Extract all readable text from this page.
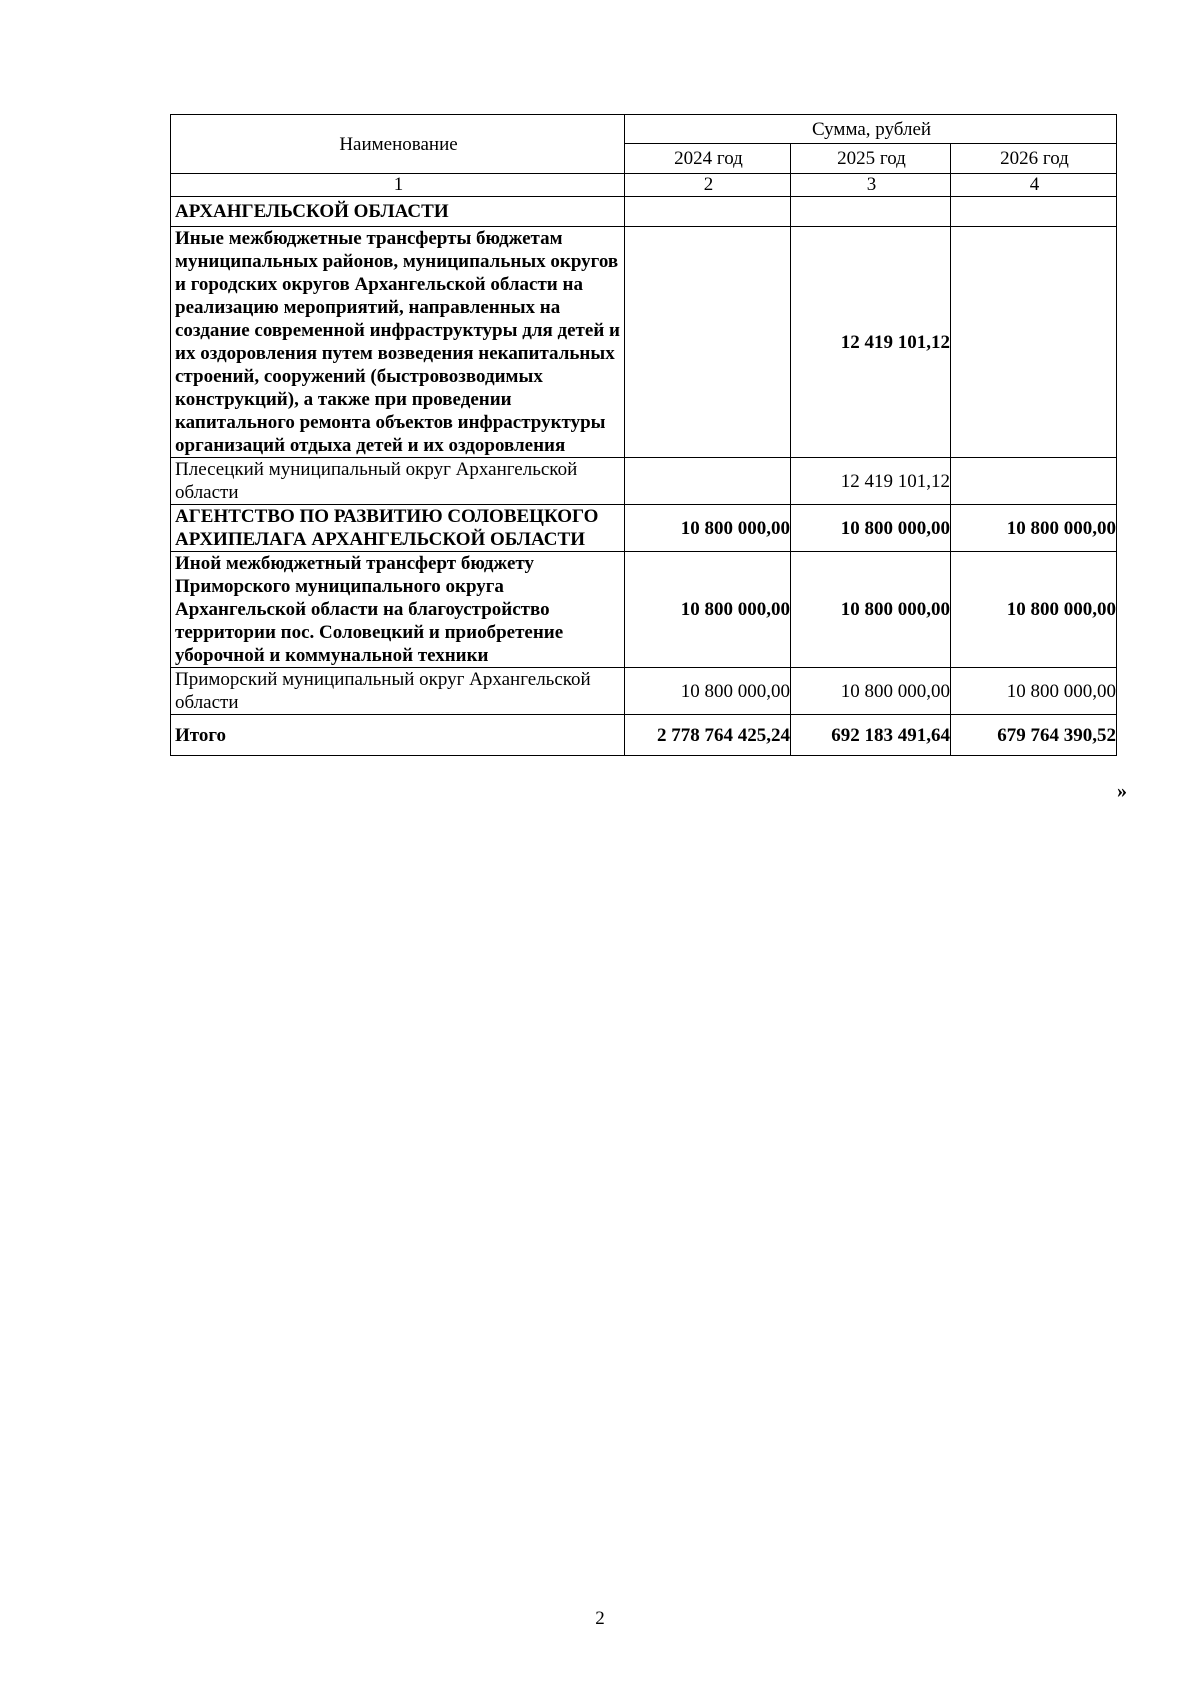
Наименование	Сумма, рублей		
	2024 год	2025 год	2026 год
1	2	3	4
АРХАНГЕЛЬСКОЙ ОБЛАСТИ			
Иные межбюджетные трансферты бюджетам муниципальных районов, муниципальных округов и городских округов Архангельской области на реализацию мероприятий, направленных на создание современной инфраструктуры для детей и их оздоровления путем возведения некапитальных строений, сооружений (быстровозводимых конструкций), а также при проведении капитального ремонта объектов инфраструктуры организаций отдыха детей и их оздоровления		12 419 101,12	
Плесецкий муниципальный округ Архангельской области		12 419 101,12	
АГЕНТСТВО ПО РАЗВИТИЮ СОЛОВЕЦКОГО АРХИПЕЛАГА АРХАНГЕЛЬСКОЙ ОБЛАСТИ	10 800 000,00	10 800 000,00	10 800 000,00
Иной межбюджетный трансферт бюджету Приморского муниципального округа Архангельской области на благоустройство территории пос. Соловецкий и приобретение уборочной и коммунальной техники	10 800 000,00	10 800 000,00	10 800 000,00
Приморский муниципальный округ Архангельской области	10 800 000,00	10 800 000,00	10 800 000,00
Итого	2 778 764 425,24	692 183 491,64	679 764 390,52
»
2
